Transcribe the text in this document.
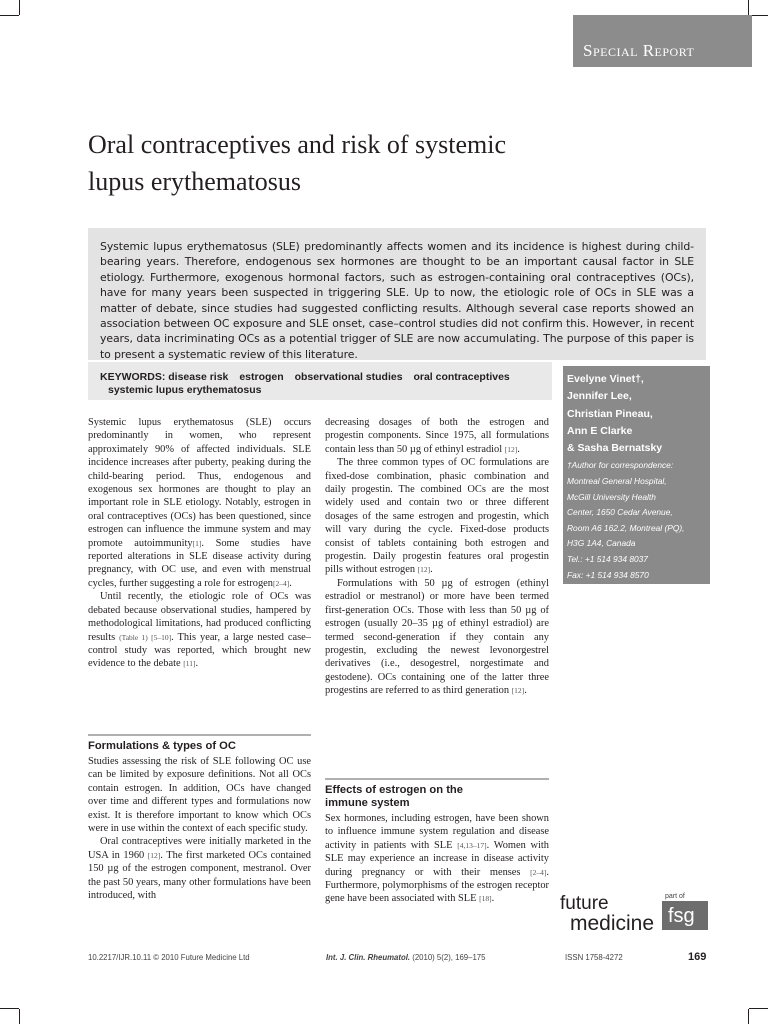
Special Report
Oral contraceptives and risk of systemic lupus erythematosus

Systemic lupus erythematosus (SLE) predominantly affects women and its incidence is highest during child-bearing years. Therefore, endogenous sex hormones are thought to be an important causal factor in SLE etiology. Furthermore, exogenous hormonal factors, such as estrogen-containing oral contraceptives (OCs), have for many years been suspected in triggering SLE. Up to now, the etiologic role of OCs in SLE was a matter of debate, since studies had suggested conflicting results. Although several case reports showed an association between OC exposure and SLE onset, case–control studies did not confirm this. However, in recent years, data incriminating OCs as a potential trigger of SLE are now accumulating. The purpose of this paper is to present a systematic review of this literature.

KEYWORDS: disease risk estrogen observational studies oral contraceptives
systemic lupus erythematosus
Evelyne Vinet†,
Jennifer Lee,
Christian Pineau,
Ann E Clarke
& Sasha Bernatsky
†Author for correspondence:
Montreal General Hospital,
McGill University Health
Center, 1650 Cedar Avenue,
Room A6 162.2, Montreal (PQ),
H3G 1A4, Canada
Tel.: +1 514 934 8037
Fax: +1 514 934 8570
evelyne.vinet@mail.mcgill.ca

Systemic lupus erythematosus (SLE) occurs predominantly in women, who represent approximately 90% of affected individuals. SLE incidence increases after puberty, peaking during the child-bearing period. Thus, endogenous and exogenous sex hormones are thought to play an important role in SLE etiology. Notably, estrogen in oral contraceptives (OCs) has been questioned, since estrogen can influence the immune system and may promote autoimmunity[1]. Some studies have reported alterations in SLE disease activity during pregnancy, with OC use, and even with menstrual cycles, further suggesting a role for estrogen[2–4].

Until recently, the etiologic role of OCs was debated because observational studies, hampered by methodological limitations, had produced conflicting results (Table 1) [5–10]. This year, a large nested case–control study was reported, which brought new evidence to the debate [11].

Formulations & types of OC

Studies assessing the risk of SLE following OC use can be limited by exposure definitions. Not all OCs contain estrogen. In addition, OCs have changed over time and different types and formulations now exist. It is therefore important to know which OCs were in use within the context of each specific study.

Oral contraceptives were initially marketed in the USA in 1960 [12]. The first marketed OCs contained 150 µg of the estrogen component, mestranol. Over the past 50 years, many other formulations have been introduced, with

decreasing dosages of both the estrogen and progestin components. Since 1975, all formulations contain less than 50 µg of ethinyl estradiol [12].

The three common types of OC formulations are fixed-dose combination, phasic combination and daily progestin. The combined OCs are the most widely used and contain two or three different dosages of the same estrogen and progestin, which will vary during the cycle. Fixed-dose products consist of tablets containing both estrogen and progestin. Daily progestin features oral progestin pills without estrogen [12].

Formulations with 50 µg of estrogen (ethinyl estradiol or mestranol) or more have been termed first-generation OCs. Those with less than 50 µg of estrogen (usually 20–35 µg of ethinyl estradiol) are termed second-generation if they contain any progestin, excluding the newest levonorgestrel derivatives (i.e., desogestrel, norgestimate and gestodene). OCs containing one of the latter three progestins are referred to as third generation [12].

Effects of estrogen on the
immune system

Sex hormones, including estrogen, have been shown to influence immune system regulation and disease activity in patients with SLE [4,13–17]. Women with SLE may experience an increase in disease activity during pregnancy or with their menses [2–4]. Furthermore, polymorphisms of the estrogen receptor gene have been associated with SLE [18].	future
medicine
part of
fsg
10.2217/IJR.10.11 © 2010 Future Medicine Ltd	Int. J. Clin. Rheumatol. (2010) 5(2), 169–175	ISSN 1758-4272	169
